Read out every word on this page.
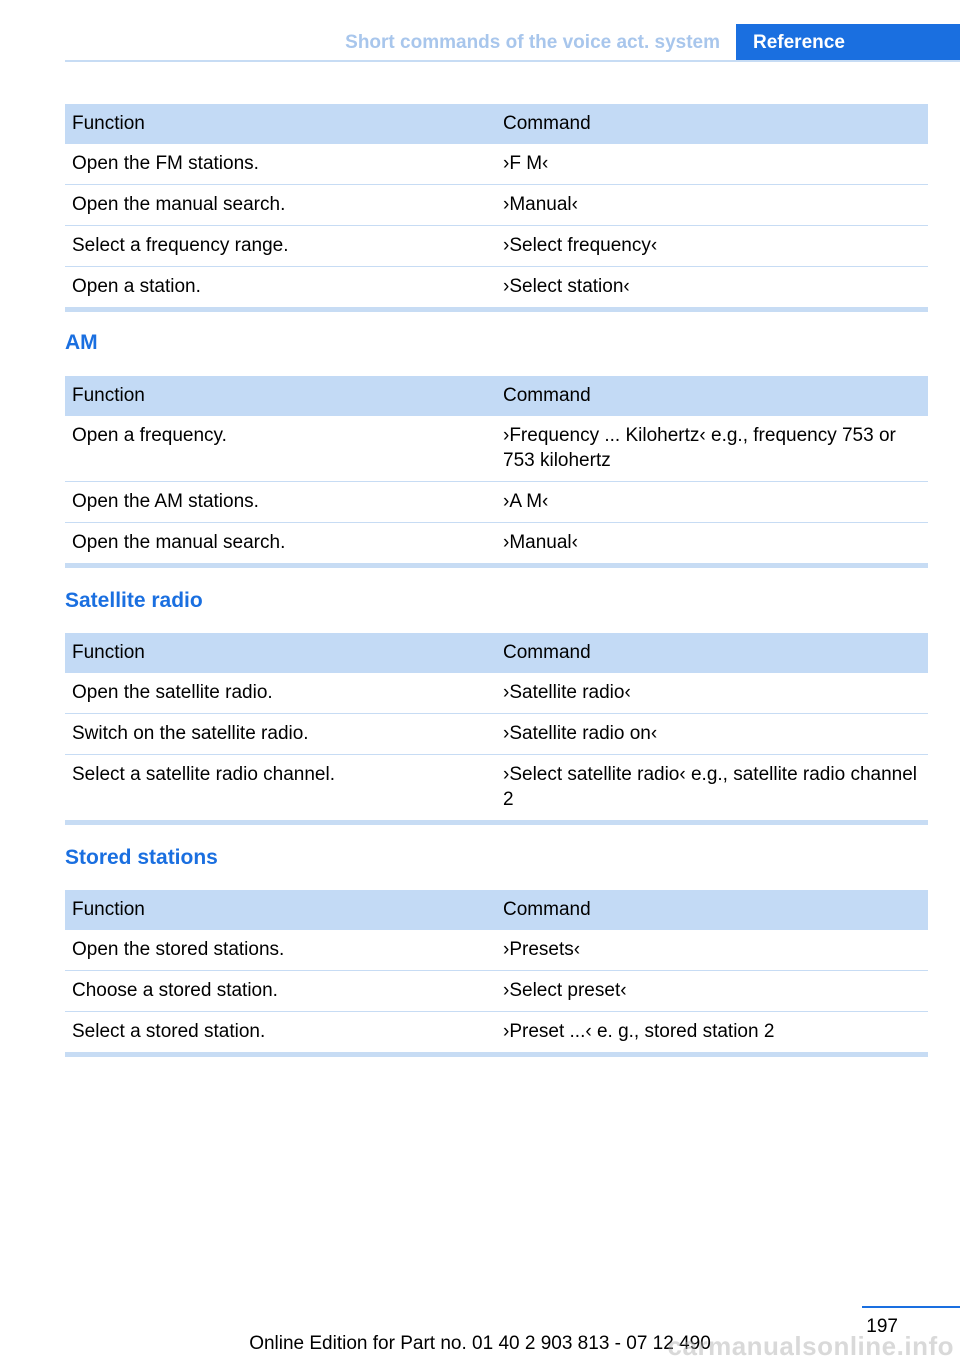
Short commands of the voice act. system	Reference
Function	Command
Open the FM stations.	›F M‹
Open the manual search.	›Manual‹
Select a frequency range.	›Select frequency‹
Open a station.	›Select station‹
AM
Function	Command
Open a frequency.	›Frequency ... Kilohertz‹ e.g., frequency 753 or 753 kilohertz
Open the AM stations.	›A M‹
Open the manual search.	›Manual‹
Satellite radio
Function	Command
Open the satellite radio.	›Satellite radio‹
Switch on the satellite radio.	›Satellite radio on‹
Select a satellite radio channel.	›Select satellite radio‹ e.g., satellite radio channel 2
Stored stations
Function	Command
Open the stored stations.	›Presets‹
Choose a stored station.	›Select preset‹
Select a stored station.	›Preset ...‹ e. g., stored station 2
197
Online Edition for Part no. 01 40 2 903 813 - 07 12 490
carmanualsonline.info
